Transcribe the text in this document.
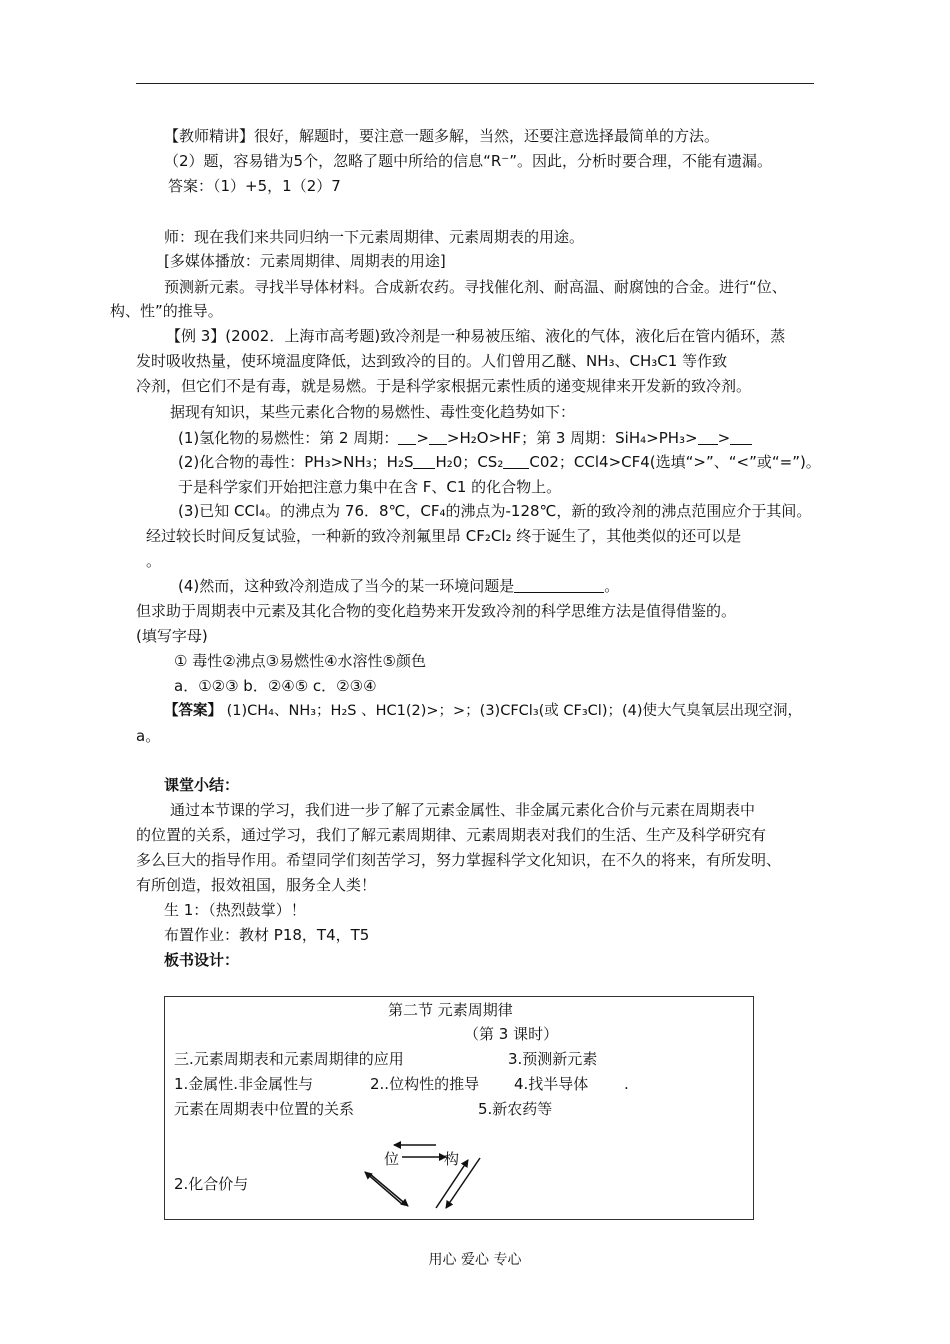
【教师精讲】很好，解题时，要注意一题多解，当然，还要注意选择最简单的方法。
（2）题，容易错为5个，忽略了题中所给的信息“R⁻”。因此，分析时要合理，不能有遗漏。
答案：（1）+5，1（2）7
师：现在我们来共同归纳一下元素周期律、元素周期表的用途。
[多媒体播放：元素周期律、周期表的用途]
预测新元素。寻找半导体材料。合成新农药。寻找催化剂、耐高温、耐腐蚀的合金。进行“位、
构、性”的推导。
【例 3】(2002．上海市高考题)致冷剂是一种易被压缩、液化的气体，液化后在管内循环，蒸
发时吸收热量，使环境温度降低，达到致冷的目的。人们曾用乙醚、NH₃、CH₃C1 等作致
冷剂，但它们不是有毒，就是易燃。于是科学家根据元素性质的递变规律来开发新的致冷剂。
据现有知识，某些元素化合物的易燃性、毒性变化趋势如下：
(1)氢化物的易燃性：第 2 周期： > >H₂O>HF；第 3 周期：SiH₄>PH₃> >
(2)化合物的毒性：PH₃>NH₃；H₂S H₂0；CS₂ C02；CCl4>CF4(选填“>”、“<”或“=”)。
于是科学家们开始把注意力集中在含 F、C1 的化合物上。
(3)已知 CCl₄。的沸点为 76．8℃，CF₄的沸点为-128℃，新的致冷剂的沸点范围应介于其间。
经过较长时间反复试验，一种新的致冷剂氟里昂 CF₂Cl₂ 终于诞生了，其他类似的还可以是
。
(4)然而，这种致冷剂造成了当今的某一环境问题是	。
但求助于周期表中元素及其化合物的变化趋势来开发致冷剂的科学思维方法是值得借鉴的。
(填写字母)
① 毒性②沸点③易燃性④水溶性⑤颜色
a．①②③ b．②④⑤ c．②③④
【答案】 (1)CH₄、NH₃；H₂S 、HC1(2)>；>；(3)CFCl₃(或 CF₃Cl)；(4)使大气臭氧层出现空洞，
a。
课堂小结：
通过本节课的学习，我们进一步了解了元素金属性、非金属元素化合价与元素在周期表中
的位置的关系，通过学习，我们了解元素周期律、元素周期表对我们的生活、生产及科学研究有
多么巨大的指导作用。希望同学们刻苦学习，努力掌握科学文化知识，在不久的将来，有所发明、
有所创造，报效祖国，服务全人类！
生 1：（热烈鼓掌）！
布置作业：教材 P18，T4，T5
板书设计：
第二节 元素周期律
（第 3 课时）
三.元素周期表和元素周期律的应用	3.预测新元素
1.金属性.非金属性与	2..位构性的推导 4.找半导体 .
元素在周期表中位置的关系	5.新农药等
位	构
2.化合价与
用心 爱心 专心
